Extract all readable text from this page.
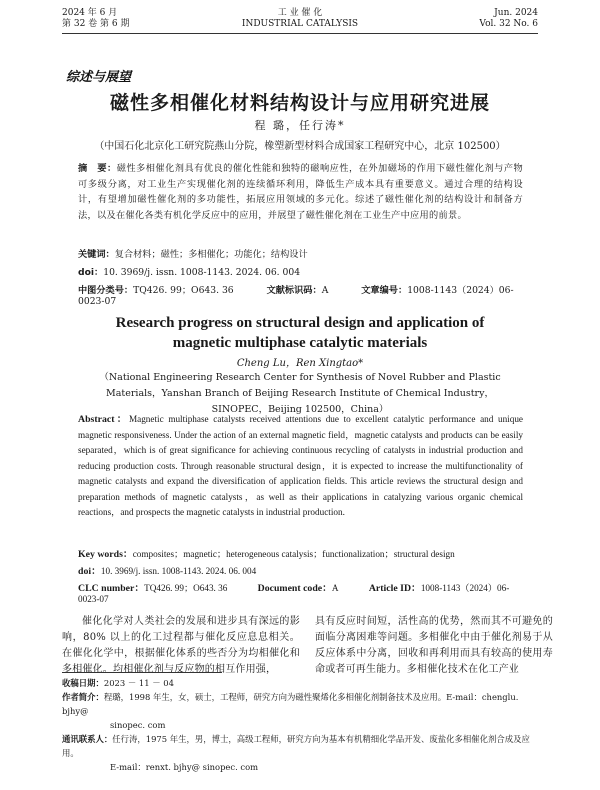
2024 年 6 月
第 32 卷 第 6 期
工 业 催 化
INDUSTRIAL CATALYSIS
Jun. 2024
Vol. 32 No. 6
综述与展望
磁性多相催化材料结构设计与应用研究进展
程 璐，任行涛*
（中国石化北京化工研究院燕山分院，橡塑新型材料合成国家工程研究中心，北京 102500）
摘　要：磁性多相催化剂具有优良的催化性能和独特的磁响应性，在外加磁场的作用下磁性催化剂与产物可多级分离，对工业生产实现催化剂的连续循环利用，降低生产成本具有重要意义。通过合理的结构设计，有望增加磁性催化剂的多功能性，拓展应用领域的多元化。综述了磁性催化剂的结构设计和制备方法，以及在催化各类有机化学反应中的应用，并展望了磁性催化剂在工业生产中应用的前景。
关键词：复合材料；磁性；多相催化；功能化；结构设计
doi：10. 3969/j. issn. 1008-1143. 2024. 06. 004
中图分类号：TQ426. 99；O643. 36	文献标识码：A	文章编号：1008-1143（2024）06-0023-07
Research progress on structural design and application of
magnetic multiphase catalytic materials
Cheng Lu，Ren Xingtao*
（National Engineering Research Center for Synthesis of Novel Rubber and Plastic Materials，Yanshan Branch of Beijing Research Institute of Chemical Industry，SINOPEC，Beijing 102500，China）
Abstract：Magnetic multiphase catalysts received attentions due to excellent catalytic performance and unique magnetic responsiveness. Under the action of an external magnetic field，magnetic catalysts and products can be easily separated，which is of great significance for achieving continuous recycling of catalysts in industrial production and reducing production costs. Through reasonable structural design，it is expected to increase the multifunctionality of magnetic catalysts and expand the diversification of application fields. This article reviews the structural design and preparation methods of magnetic catalysts，as well as their applications in catalyzing various organic chemical reactions，and prospects the magnetic catalysts in industrial production.
Key words：composites；magnetic；heterogeneous catalysis；functionalization；structural design
doi：10. 3969/j. issn. 1008-1143. 2024. 06. 004
CLC number：TQ426. 99；O643. 36	Document code：A	Article ID：1008-1143（2024）06-0023-07
催化化学对人类社会的发展和进步具有深远的影响，80% 以上的化工过程都与催化反应息息相关。在催化化学中，根据催化体系的些否分为均相催化和多相催化。均相催化剂与反应物的相互作用强，
具有反应时间短，活性高的优势，然而其不可避免的面临分离困难等问题。多相催化中由于催化剂易于从反应体系中分离，回收和再利用而具有较高的使用寿命或者可再生能力。多相催化技术在化工产业
收稿日期：2023 － 11 － 04
作者简介：程璐，1998 年生，女，硕士，工程师，研究方向为磁性聚烯化多相催化剂制备技术及应用。E-mail：chenglu. bjhy@
sinopec. com
通讯联系人：任行涛，1975 年生，男，博士，高级工程师，研究方向为基本有机精细化学品开发、废盐化多相催化剂合成及应用。
E-mail：renxt. bjhy@ sinopec. com
